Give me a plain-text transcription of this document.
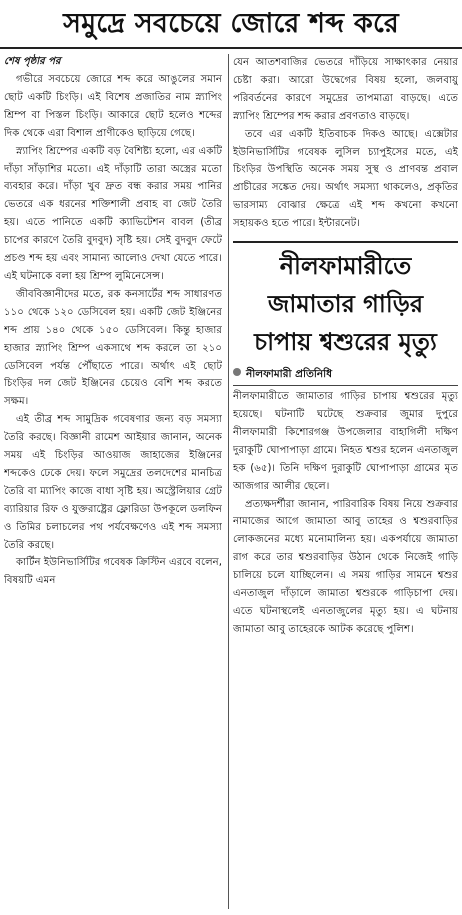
সমুদ্রে সবচেয়ে জোরে শব্দ করে
শেষ পৃষ্ঠার পর

গভীরে সবচেয়ে জোরে শব্দ করে আঙুলের সমান ছোট একটি চিংড়ি। এই বিশেষ প্রজাতির নাম স্ন্যাপিং শ্রিম্প বা পিস্তল চিংড়ি। আকারে ছোট হলেও শব্দের দিক থেকে এরা বিশাল প্রাণীকেও ছাড়িয়ে গেছে।

স্ন্যাপিং শ্রিম্পের একটি বড় বৈশিষ্ট্য হলো, এর একটি দাঁড়া সাঁড়াশির মতো। এই দাঁড়াটি তারা অস্ত্রের মতো ব্যবহার করে। দাঁড়া খুব দ্রুত বন্ধ করার সময় পানির ভেতরে এক ধরনের শক্তিশালী প্রবাহ বা জেট তৈরি হয়। এতে পানিতে একটি ক্যাভিটেশন বাবল (তীব্র চাপের কারণে তৈরি বুদবুদ) সৃষ্টি হয়। সেই বুদবুদ ফেটে প্রচণ্ড শব্দ হয় এবং সামান্য আলোও দেখা যেতে পারে। এই ঘটনাকে বলা হয় শ্রিম্প লুমিনেসেন্স।

জীববিজ্ঞানীদের মতে, রক কনসার্টের শব্দ সাধারণত ১১০ থেকে ১২০ ডেসিবেল হয়। একটি জেট ইঞ্জিনের শব্দ প্রায় ১৪০ থেকে ১৫০ ডেসিবেল। কিন্তু হাজার হাজার স্ন্যাপিং শ্রিম্প একসাথে শব্দ করলে তা ২১০ ডেসিবেল পর্যন্ত পৌঁছাতে পারে। অর্থাৎ এই ছোট চিংড়ির দল জেট ইঞ্জিনের চেয়েও বেশি শব্দ করতে সক্ষম।

এই তীব্র শব্দ সামুদ্রিক গবেষণার জন্য বড় সমস্যা তৈরি করছে। বিজ্ঞানী রামেশ আইয়ার জানান, অনেক সময় এই চিংড়ির আওয়াজ জাহাজের ইঞ্জিনের শব্দকেও ঢেকে দেয়। ফলে সমুদ্রের তলদেশের মানচিত্র তৈরি বা ম্যাপিং কাজে বাধা সৃষ্টি হয়। অস্ট্রেলিয়ার গ্রেট ব্যারিয়ার রিফ ও যুক্তরাষ্ট্রের ফ্লোরিডা উপকূলে ডলফিন ও তিমির চলাচলের পথ পর্যবেক্ষণেও এই শব্দ সমস্যা তৈরি করছে।

কার্টিন ইউনিভার্সিটির গবেষক ক্রিস্টিন এরবে বলেন, বিষয়টি এমন

যেন আতশবাজির ভেতরে দাঁড়িয়ে সাক্ষাৎকার নেয়ার চেষ্টা করা। আরো উদ্বেগের বিষয় হলো, জলবায়ু পরিবর্তনের কারণে সমুদ্রের তাপমাত্রা বাড়ছে। এতে স্ন্যাপিং শ্রিম্পের শব্দ করার প্রবণতাও বাড়ছে।

তবে এর একটি ইতিবাচক দিকও আছে। এক্সেটার ইউনিভার্সিটির গবেষক লুসিল চ্যাপুইসের মতে, এই চিংড়ির উপস্থিতি অনেক সময় সুস্থ ও প্রাণবন্ত প্রবাল প্রাচীরের সঙ্কেত দেয়। অর্থাৎ সমস্যা থাকলেও, প্রকৃতির ভারসাম্য বোঝার ক্ষেত্রে এই শব্দ কখনো কখনো সহায়কও হতে পারে। ইন্টারনেট।

নীলফামারীতে
জামাতার গাড়ির
চাপায় শ্বশুরের মৃত্যু
নীলফামারী প্রতিনিধি

নীলফামারীতে জামাতার গাড়ির চাপায় শ্বশুরের মৃত্যু হয়েছে। ঘটনাটি ঘটেছে শুক্রবার জুমার দুপুরে নীলফামারী কিশোরগঞ্জ উপজেলার বাহাগিলী দক্ষিণ দুরাকুটি ঘোপাপাড়া গ্রামে। নিহত শ্বশুর হলেন এনতাজুল হক (৬৫)। তিনি দক্ষিণ দুরাকুটি ঘোপাপাড়া গ্রামের মৃত আজগার আলীর ছেলে।

প্রত্যক্ষদর্শীরা জানান, পারিবারিক বিষয় নিয়ে শুক্রবার নামাজের আগে জামাতা আবু তাহের ও শ্বশুরবাড়ির লোকজনের মধ্যে মনোমালিন্য হয়। একপর্যায়ে জামাতা রাগ করে তার শ্বশুরবাড়ির উঠান থেকে নিজেই গাড়ি চালিয়ে চলে যাচ্ছিলেন। এ সময় গাড়ির সামনে শ্বশুর এনতাজুল দাঁড়ালে জামাতা শ্বশুরকে গাড়িচাপা দেয়। এতে ঘটনাস্থলেই এনতাজুলের মৃত্যু হয়। এ ঘটনায় জামাতা আবু তাহেরকে আটক করেছে পুলিশ।
